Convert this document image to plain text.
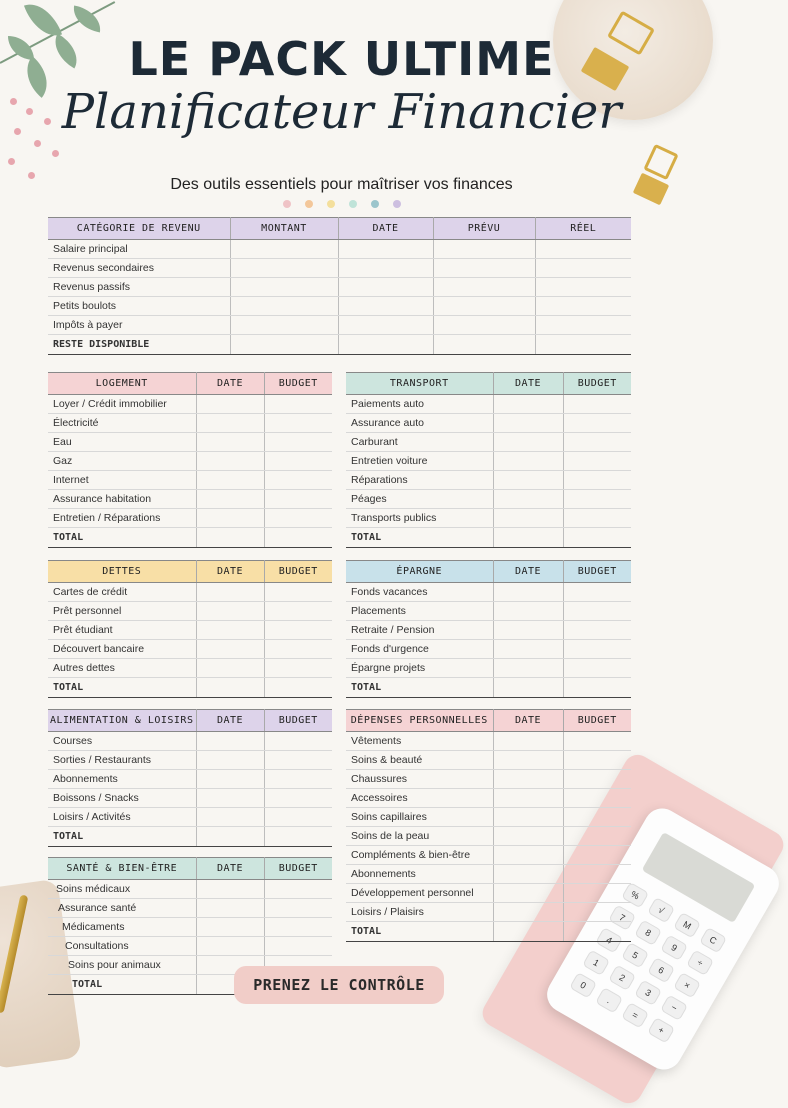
%
√
M
C
7
8
9
÷
4
5
6
×
1
2
3
−
0
.
=
+
LE PACK ULTIME
Planificateur Financier
Des outils essentiels pour maîtriser vos finances
CATÉGORIE DE REVENU	MONTANT	DATE	PRÉVU	RÉEL
Salaire principal				
Revenus secondaires				
Revenus passifs				
Petits boulots				
Impôts à payer				
RESTE DISPONIBLE				
LOGEMENT	DATE	BUDGET
Loyer / Crédit immobilier		
Électricité		
Eau		
Gaz		
Internet		
Assurance habitation		
Entretien / Réparations		
TOTAL		
TRANSPORT	DATE	BUDGET
Paiements auto		
Assurance auto		
Carburant		
Entretien voiture		
Réparations		
Péages		
Transports publics		
TOTAL		
DETTES	DATE	BUDGET
Cartes de crédit		
Prêt personnel		
Prêt étudiant		
Découvert bancaire		
Autres dettes		
TOTAL		
ÉPARGNE	DATE	BUDGET
Fonds vacances		
Placements		
Retraite / Pension		
Fonds d'urgence		
Épargne projets		
TOTAL		
ALIMENTATION & LOISIRS	DATE	BUDGET
Courses		
Sorties / Restaurants		
Abonnements		
Boissons / Snacks		
Loisirs / Activités		
TOTAL		
DÉPENSES PERSONNELLES	DATE	BUDGET
Vêtements		
Soins & beauté		
Chaussures		
Accessoires		
Soins capillaires		
Soins de la peau		
Compléments & bien-être		
Abonnements		
Développement personnel		
Loisirs / Plaisirs		
TOTAL		
SANTÉ & BIEN-ÊTRE	DATE	BUDGET
Soins médicaux		
Assurance santé		
Médicaments		
Consultations		
Soins pour animaux		
TOTAL			PRENEZ LE CONTRÔLE
